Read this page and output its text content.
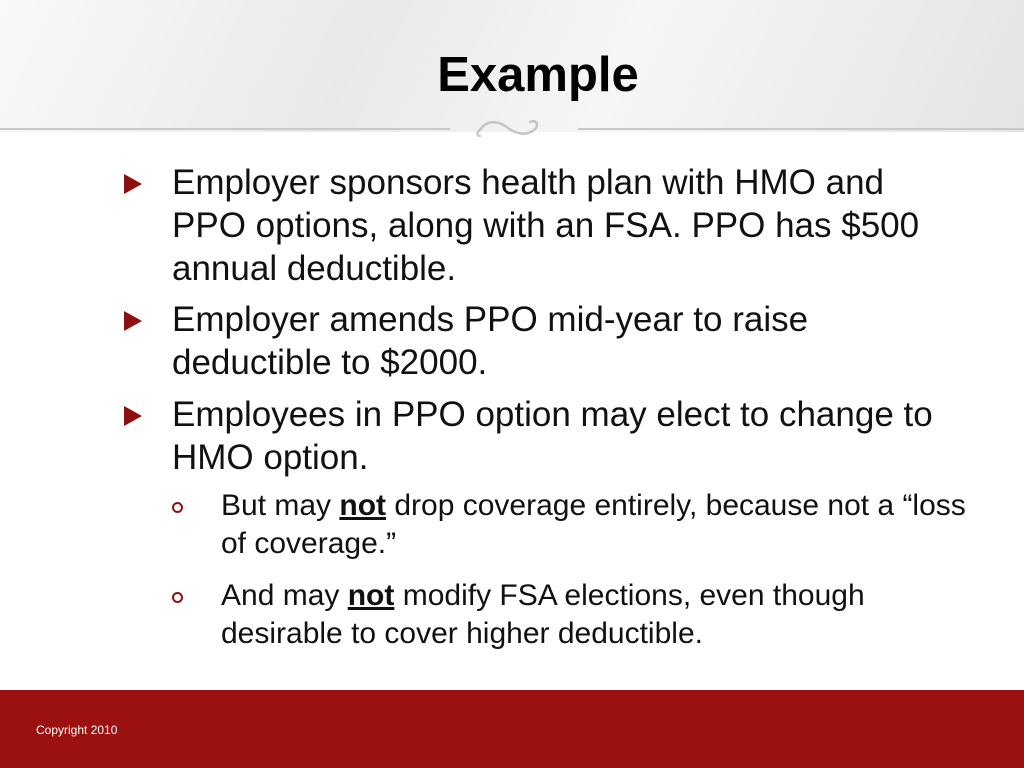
Example
Employer sponsors health plan with HMO and PPO options, along with an FSA. PPO has $500 annual deductible.
Employer amends PPO mid-year to raise deductible to $2000.
Employees in PPO option may elect to change to HMO option.
But may not drop coverage entirely, because not a “loss of coverage.”
And may not modify FSA elections, even though desirable to cover higher deductible.
Copyright 2010
